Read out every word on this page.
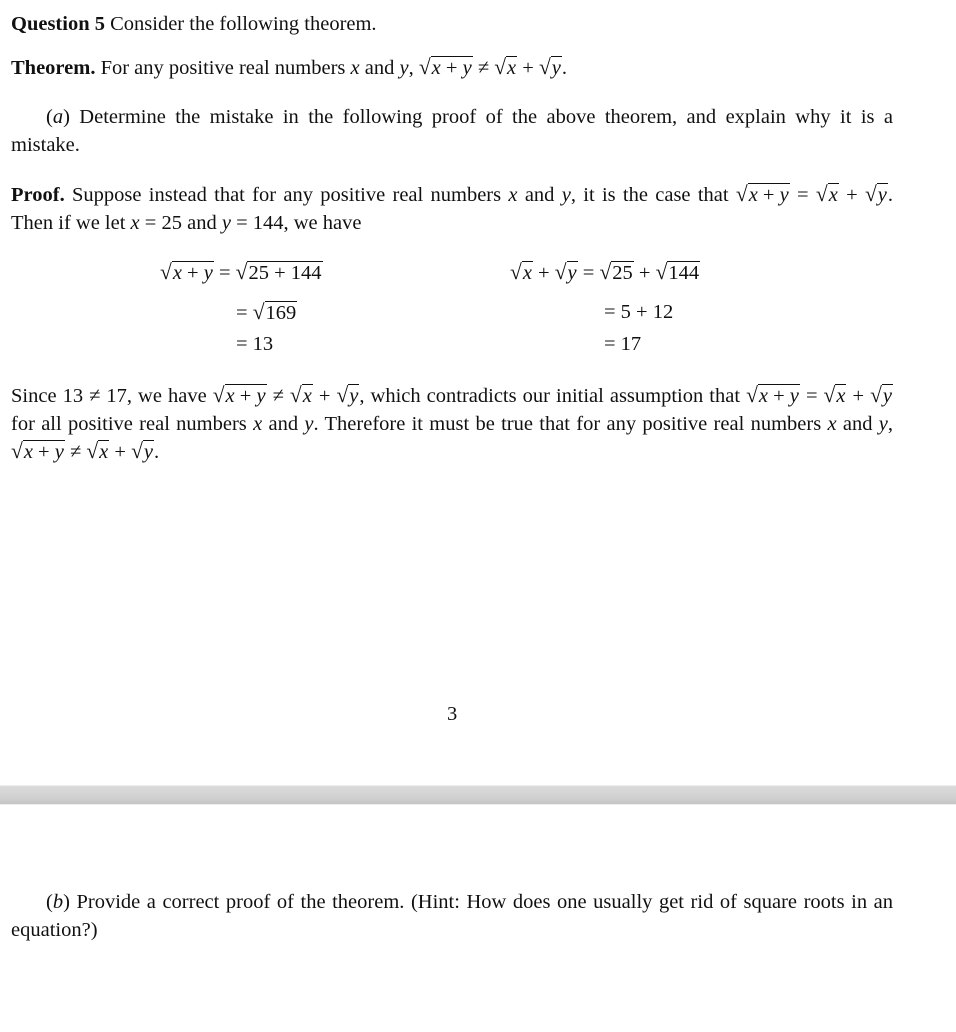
Question 5 Consider the following theorem.
Theorem. For any positive real numbers x and y, √x + y ≠ √x + √y.
(a) Determine the mistake in the following proof of the above theorem, and explain why it is a mistake.
Proof. Suppose instead that for any positive real numbers x and y, it is the case that √x + y = √x + √y. Then if we let x = 25 and y = 144, we have
√x + y = √25 + 144
= √169
= 13
√x + √y = √25 + √144
= 5 + 12
= 17
Since 13 ≠ 17, we have √x + y ≠ √x + √y, which contradicts our initial assumption that √x + y = √x + √y for all positive real numbers x and y. Therefore it must be true that for any positive real numbers x and y, √x + y ≠ √x + √y.
3
(b) Provide a correct proof of the theorem. (Hint: How does one usually get rid of square roots in an equation?)
